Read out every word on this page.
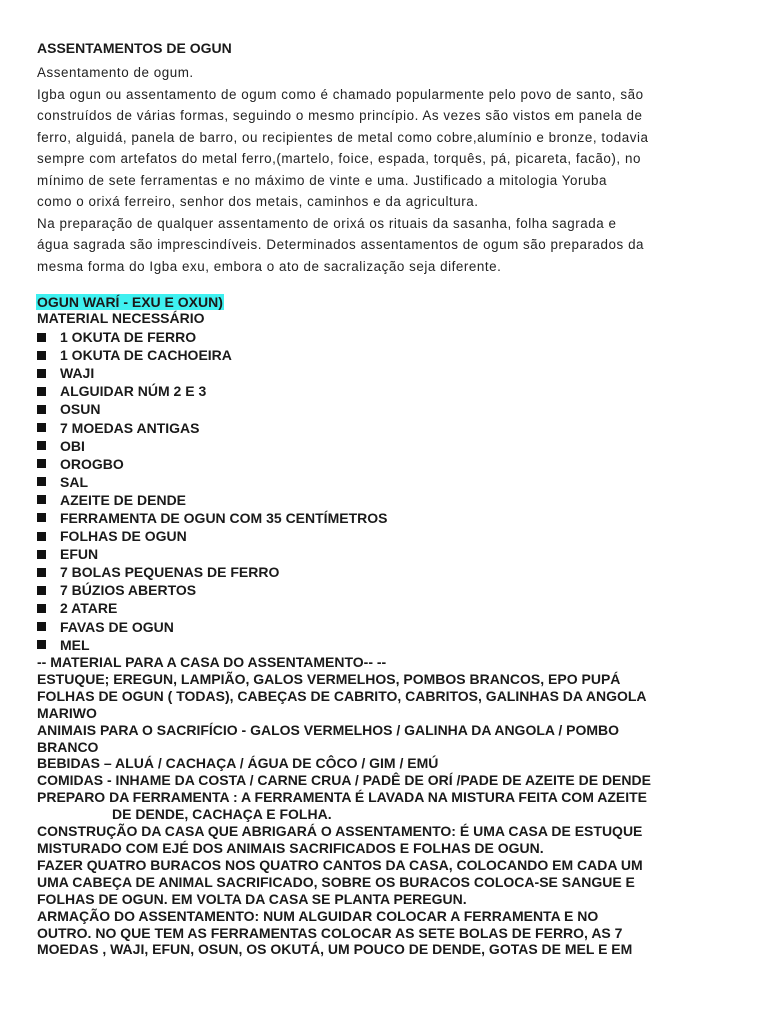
ASSENTAMENTOS DE OGUN

Assentamento de ogum.

Igba ogun ou assentamento de ogum como é chamado popularmente pelo povo de santo, são

construídos de várias formas, seguindo o mesmo princípio. As vezes são vistos em panela de

ferro, alguidá, panela de barro, ou recipientes de metal como cobre,alumínio e bronze, todavia

sempre com artefatos do metal ferro,(martelo, foice, espada, torquês, pá, picareta, facão), no

mínimo de sete ferramentas e no máximo de vinte e uma. Justificado a mitologia Yoruba

como o orixá ferreiro, senhor dos metais, caminhos e da agricultura.

Na preparação de qualquer assentamento de orixá os rituais da sasanha, folha sagrada e

água sagrada são imprescindíveis. Determinados assentamentos de ogum são preparados da

mesma forma do Igba exu, embora o ato de sacralização seja diferente.

OGUN WARÍ - EXU E OXUN)
MATERIAL NECESSÁRIO
1 OKUTA DE FERRO
1 OKUTA DE CACHOEIRA
WAJI
ALGUIDAR NÚM 2 E 3
OSUN
7 MOEDAS ANTIGAS
OBI
OROGBO
SAL
AZEITE DE DENDE
FERRAMENTA DE OGUN COM 35 CENTÍMETROS
FOLHAS DE OGUN
EFUN
7 BOLAS PEQUENAS DE FERRO
7 BÚZIOS ABERTOS
2 ATARE
FAVAS DE OGUN
MEL
-- MATERIAL PARA A CASA DO ASSENTAMENTO-- --
ESTUQUE; EREGUN, LAMPIÃO, GALOS VERMELHOS, POMBOS BRANCOS, EPO PUPÁ
FOLHAS DE OGUN ( TODAS), CABEÇAS DE CABRITO, CABRITOS, GALINHAS DA ANGOLA
MARIWO
ANIMAIS PARA O SACRIFÍCIO - GALOS VERMELHOS / GALINHA DA ANGOLA / POMBO
BRANCO
BEBIDAS – ALUÁ / CACHAÇA / ÁGUA DE CÔCO / GIM / EMÚ
COMIDAS - INHAME DA COSTA / CARNE CRUA / PADÊ DE ORÍ /PADE DE AZEITE DE DENDE
PREPARO DA FERRAMENTA : A FERRAMENTA É LAVADA NA MISTURA FEITA COM AZEITE
DE DENDE, CACHAÇA E FOLHA.
CONSTRUÇÃO DA CASA QUE ABRIGARÁ O ASSENTAMENTO: É UMA CASA DE ESTUQUE
MISTURADO COM EJÉ DOS ANIMAIS SACRIFICADOS E FOLHAS DE OGUN.
FAZER QUATRO BURACOS NOS QUATRO CANTOS DA CASA, COLOCANDO EM CADA UM
UMA CABEÇA DE ANIMAL SACRIFICADO, SOBRE OS BURACOS COLOCA-SE SANGUE E
FOLHAS DE OGUN. EM VOLTA DA CASA SE PLANTA PEREGUN.
ARMAÇÃO DO ASSENTAMENTO: NUM ALGUIDAR COLOCAR A FERRAMENTA E NO
OUTRO. NO QUE TEM AS FERRAMENTAS COLOCAR AS SETE BOLAS DE FERRO, AS 7
MOEDAS , WAJI, EFUN, OSUN, OS OKUTÁ, UM POUCO DE DENDE, GOTAS DE MEL E EM
